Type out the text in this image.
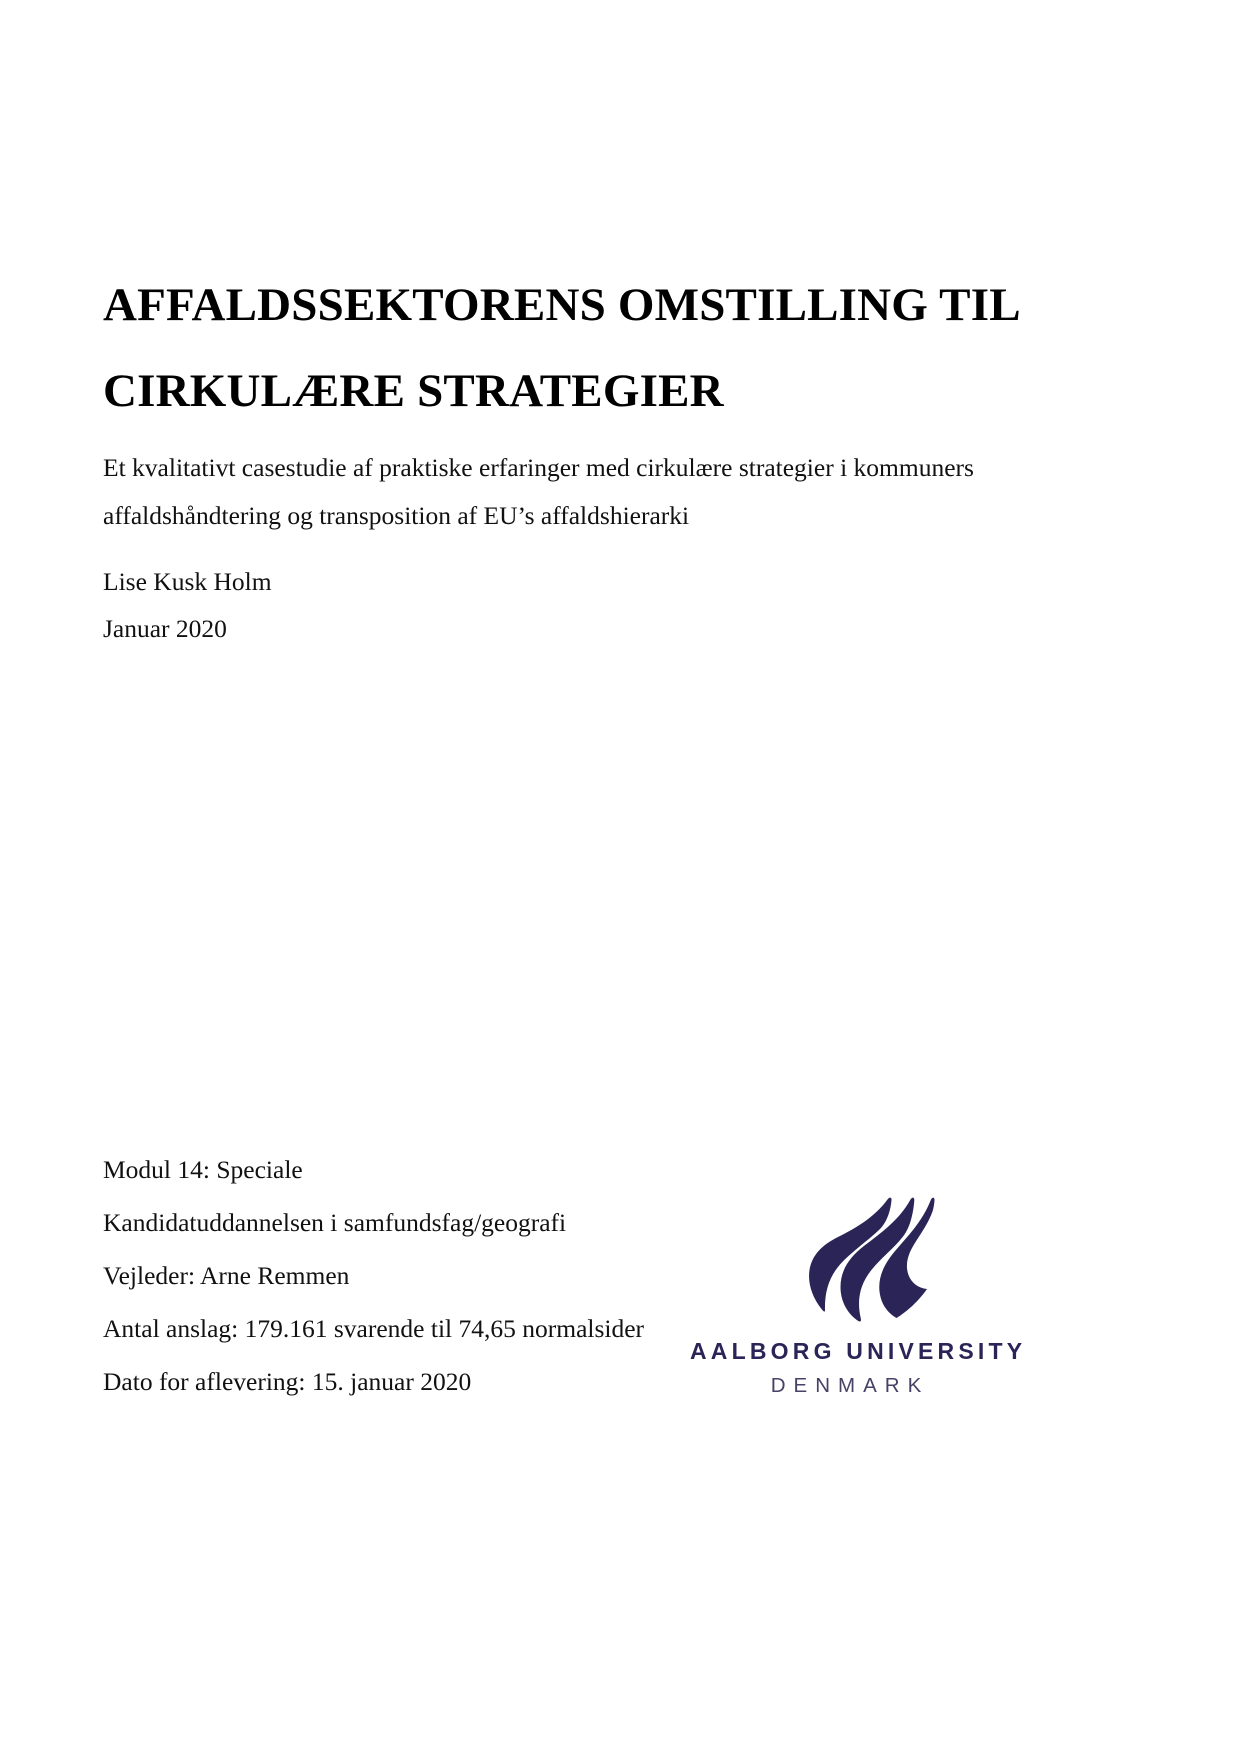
AFFALDSSEKTORENS OMSTILLING TIL
CIRKULÆRE STRATEGIER
Et kvalitativt casestudie af praktiske erfaringer med cirkulære strategier i kommuners
affaldshåndtering og transposition af EU’s affaldshierarki
Lise Kusk Holm
Januar 2020
Modul 14: Speciale
Kandidatuddannelsen i samfundsfag/geografi
Vejleder: Arne Remmen
Antal anslag: 179.161 svarende til 74,65 normalsider
Dato for aflevering: 15. januar 2020
AALBORG UNIVERSITY
DENMARK
